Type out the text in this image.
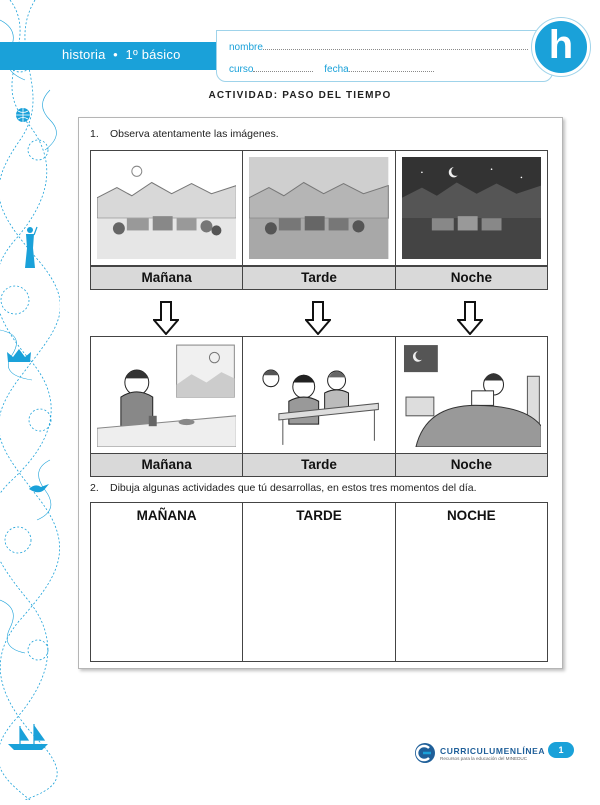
historia • 1º básico	nombre
curso	fecha
h
ACTIVIDAD: PASO DEL TIEMPO
1. Observa atentamente las imágenes.
Mañana	Tarde	Noche
Mañana	Tarde	Noche
2. Dibuja algunas actividades que tú desarrollas, en estos tres momentos del día.
MAÑANA	TARDE	NOCHE
CURRICULUMENLÍNEA
Recursos para la educación del MINEDUC
1
